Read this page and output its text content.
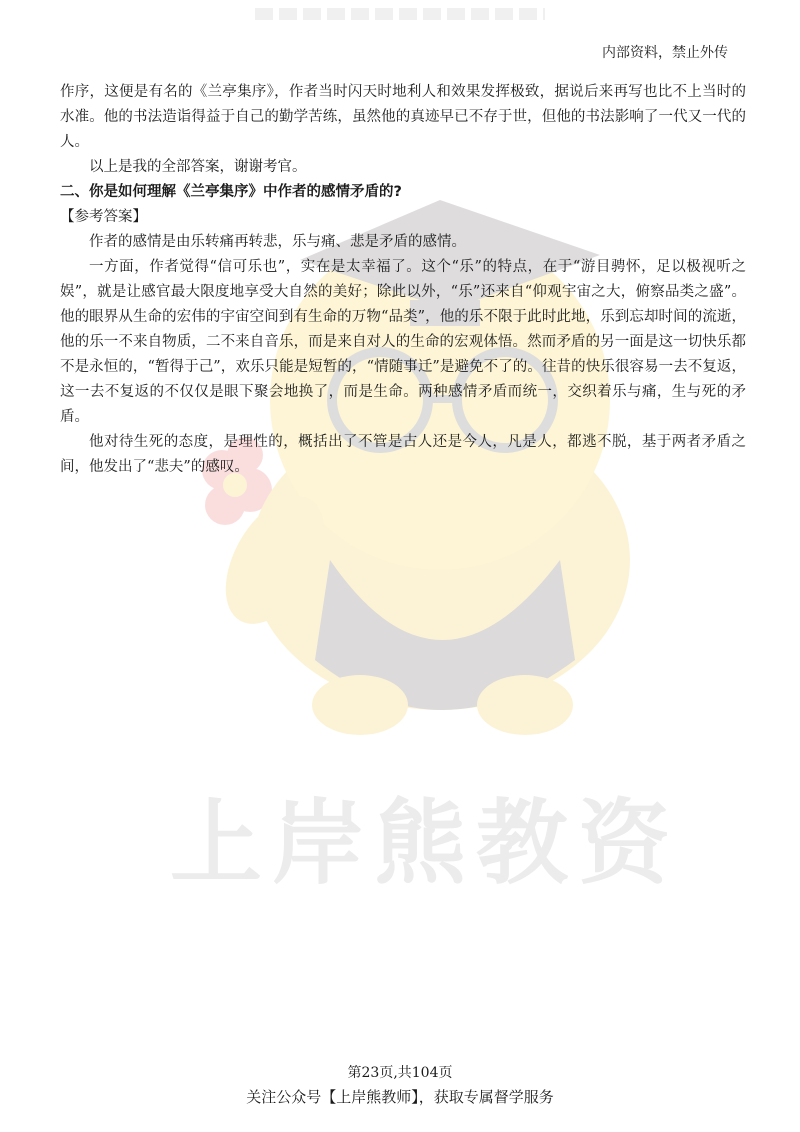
上岸熊教资
内部资料，禁止外传

作序，这便是有名的《兰亭集序》，作者当时闪天时地利人和效果发挥极致，据说后来再写也比不上当时的水准。他的书法造诣得益于自己的勤学苦练，虽然他的真迹早已不存于世，但他的书法影响了一代又一代的人。

以上是我的全部答案，谢谢考官。

二、你是如何理解《兰亭集序》中作者的感情矛盾的?

【参考答案】

作者的感情是由乐转痛再转悲，乐与痛、悲是矛盾的感情。

一方面，作者觉得“信可乐也”，实在是太幸福了。这个“乐”的特点，在于“游目骋怀，足以极视听之娱”，就是让感官最大限度地享受大自然的美好；除此以外，“乐”还来自“仰观宇宙之大，俯察品类之盛”。他的眼界从生命的宏伟的宇宙空间到有生命的万物“品类”，他的乐不限于此时此地，乐到忘却时间的流逝，他的乐一不来自物质，二不来自音乐，而是来自对人的生命的宏观体悟。然而矛盾的另一面是这一切快乐都不是永恒的，“暂得于己”，欢乐只能是短暂的，“情随事迁”是避免不了的。往昔的快乐很容易一去不复返，这一去不复返的不仅仅是眼下聚会地换了，而是生命。两种感情矛盾而统一，交织着乐与痛，生与死的矛盾。

他对待生死的态度，是理性的，概括出了不管是古人还是今人，凡是人，都逃不脱，基于两者矛盾之间，他发出了“悲夫”的感叹。

第23页,共104页
关注公众号【上岸熊教师】，获取专属督学服务
